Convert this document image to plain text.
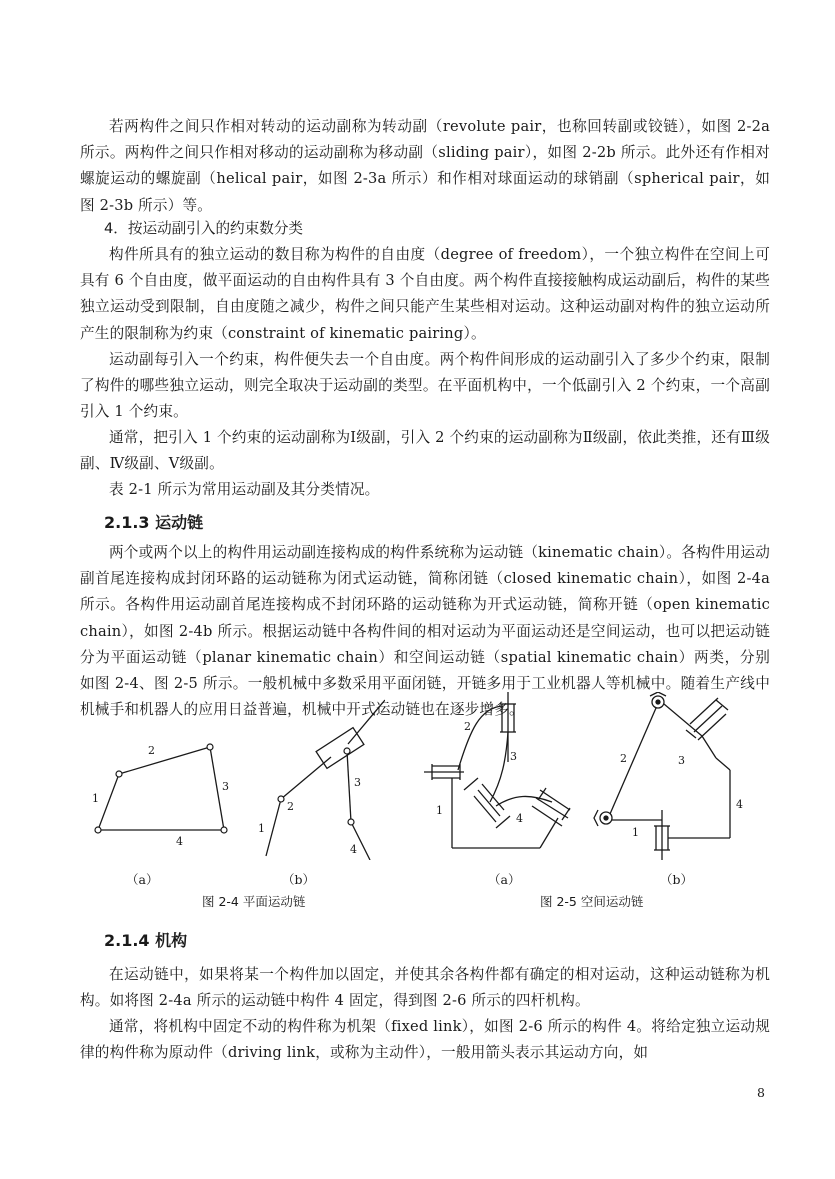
若两构件之间只作相对转动的运动副称为转动副（revolute pair，也称回转副或铰链），如图 2-2a 所示。两构件之间只作相对移动的运动副称为移动副（sliding pair），如图 2-2b 所示。此外还有作相对螺旋运动的螺旋副（helical pair，如图 2-3a 所示）和作相对球面运动的球销副（spherical pair，如图 2-3b 所示）等。

4．按运动副引入的约束数分类

构件所具有的独立运动的数目称为构件的自由度（degree of freedom），一个独立构件在空间上可具有 6 个自由度，做平面运动的自由构件具有 3 个自由度。两个构件直接接触构成运动副后，构件的某些独立运动受到限制，自由度随之减少，构件之间只能产生某些相对运动。这种运动副对构件的独立运动所产生的限制称为约束（constraint of kinematic pairing）。

运动副每引入一个约束，构件便失去一个自由度。两个构件间形成的运动副引入了多少个约束，限制了构件的哪些独立运动，则完全取决于运动副的类型。在平面机构中，一个低副引入 2 个约束，一个高副引入 1 个约束。

通常，把引入 1 个约束的运动副称为Ⅰ级副，引入 2 个约束的运动副称为Ⅱ级副，依此类推，还有Ⅲ级副、Ⅳ级副、Ⅴ级副。

表 2-1 所示为常用运动副及其分类情况。

2.1.3 运动链

两个或两个以上的构件用运动副连接构成的构件系统称为运动链（kinematic chain）。各构件用运动副首尾连接构成封闭环路的运动链称为闭式运动链，简称闭链（closed kinematic chain），如图 2-4a 所示。各构件用运动副首尾连接构成不封闭环路的运动链称为开式运动链，简称开链（open kinematic chain），如图 2-4b 所示。根据运动链中各构件间的相对运动为平面运动还是空间运动，也可以把运动链分为平面运动链（planar kinematic chain）和空间运动链（spatial kinematic chain）两类，分别如图 2-4、图 2-5 所示。一般机械中多数采用平面闭链，开链多用于工业机器人等机械中。随着生产线中机械手和机器人的应用日益普遍，机械中开式运动链也在逐步增多。

1
2
3
4
1
2
3
4
2
3
1
4
2	3
4
1
（a）	（b）	（a）	（b）
图 2-4 平面运动链	图 2-5 空间运动链
2.1.4 机构

在运动链中，如果将某一个构件加以固定，并使其余各构件都有确定的相对运动，这种运动链称为机构。如将图 2-4a 所示的运动链中构件 4 固定，得到图 2-6 所示的四杆机构。

通常，将机构中固定不动的构件称为机架（fixed link），如图 2-6 所示的构件 4。将给定独立运动规律的构件称为原动件（driving link，或称为主动件），一般用箭头表示其运动方向，如

8
